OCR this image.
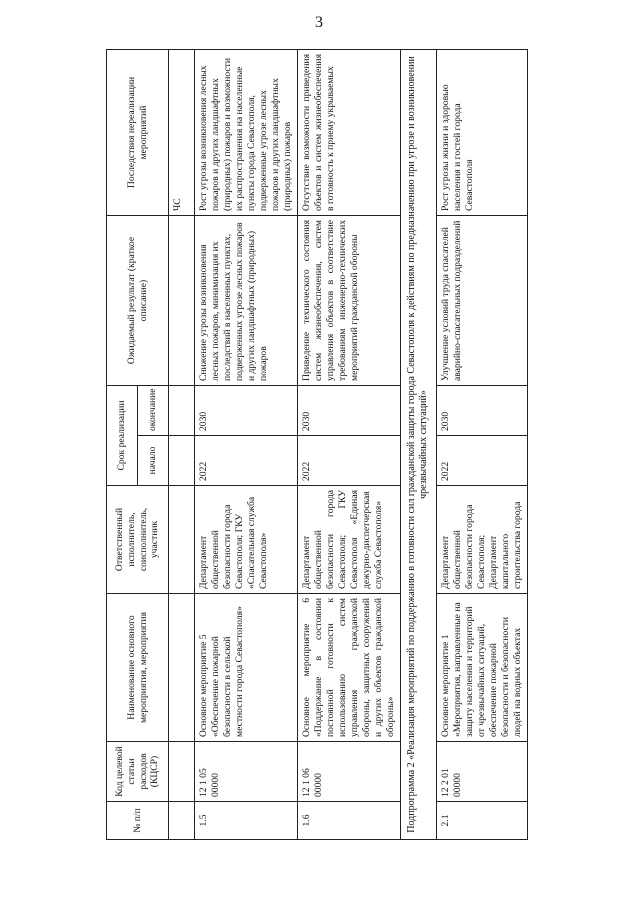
3
№ п/п	Код целевой статьи расходов (КЦСР)	Наименование основного мероприятия, мероприятия	Ответственный исполнитель, соисполнитель, участник	Срок реализации		Ожидаемый результат (краткое описание)	Последствия нереализации мероприятий
				начало	окончание		
							ЧС
1.5	12 1 05 00000	Основное мероприятие 5 «Обеспечение пожарной безопасности в сельской местности города Севастополя»	Департамент общественной безопасности города Севастополя; ГКУ «Спасательная служба Севастополя»	2022	2030	Снижение угрозы возникновения лесных пожаров, минимизация их последствий в населенных пунктах, подверженных угрозе лесных пожаров и других ландшафтных (природных) пожаров	Рост угрозы возникновения лесных пожаров и других ландшафтных (природных) пожаров и возможности их распространения на населенные пункты города Севастополя, подверженные угрозе лесных пожаров и других ландшафтных (природных) пожаров
1.6	12 1 06 00000	Основное мероприятие 6 «Поддержание в состоянии постоянной готовности к использованию систем управления гражданской обороны, защитных сооружений и других объектов гражданской обороны»	Департамент общественной безопасности города Севастополя; ГКУ Севастополя «Единая дежурно-диспетчерская служба Севастополя»	2022	2030	Приведение технического состояния систем жизнеобеспечения, систем управления объектов в соответствие требованиям инженерно-технических мероприятий гражданской обороны	Отсутствие возможности приведения объектов и систем жизнеобеспечения в готовность к приему укрываемых
Подпрограмма 2 «Реализация мероприятий по поддержанию в готовности сил гражданской защиты города Севастополя к действиям по предназначению при угрозе и возникновении чрезвычайных ситуаций»							
2.1	12 2 01 00000	Основное мероприятие 1 «Мероприятия, направленные на защиту населения и территорий от чрезвычайных ситуаций, обеспечение пожарной безопасности и безопасности людей на водных объектах	Департамент общественной безопасности города Севастополя; Департамент капитального строительства города	2022	2030	Улучшение условий труда спасателей аварийно-спасательных подразделений	Рост угрозы жизни и здоровью населения и гостей города Севастополя
